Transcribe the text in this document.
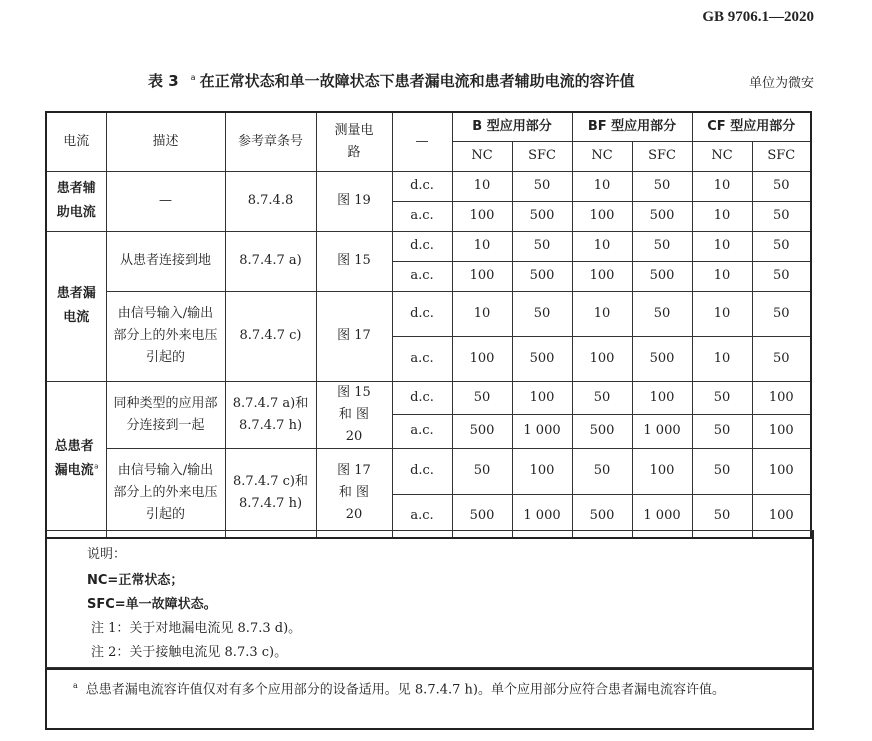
GB 9706.1—2020
表 3 $^a$ 在正常状态和单一故障状态下患者漏电流和患者辅助电流的容许值	单位为微安
电流	描述	参考章条号	测量电路	—	B 型应用部分		BF 型应用部分		CF 型应用部分	
					NC	SFC	NC	SFC	NC	SFC
患者辅助电流	—	8.7.4.8	图 19	d.c.	10	50	10	50	10	50
				a.c.	100	500	100	500	10	50
患者漏电流	从患者连接到地	8.7.4.7 a)	图 15	d.c.	10	50	10	50	10	50
				a.c.	100	500	100	500	10	50
	由信号输入/输出部分上的外来电压引起的	8.7.4.7 c)	图 17	d.c.	10	50	10	50	10	50
				a.c.	100	500	100	500	10	50
总患者漏电流$^a$	同种类型的应用部分连接到一起	8.7.4.7 a)和 8.7.4.7 h)	图 15 和 图 20	d.c.	50	100	50	100	50	100
				a.c.	500	1 000	500	1 000	50	100
	由信号输入/输出部分上的外来电压引起的	8.7.4.7 c)和 8.7.4.7 h)	图 17 和 图 20	d.c.	50	100	50	100	50	100
				a.c.	500	1 000	500	1 000	50	100
说明：
NC=正常状态；
SFC=单一故障状态。
注 1：关于对地漏电流见 8.7.3 d)。
注 2：关于接触电流见 8.7.3 c)。

$^a$ 总患者漏电流容许值仅对有多个应用部分的设备适用。见 8.7.4.7 h)。单个应用部分应符合患者漏电流容许值。
